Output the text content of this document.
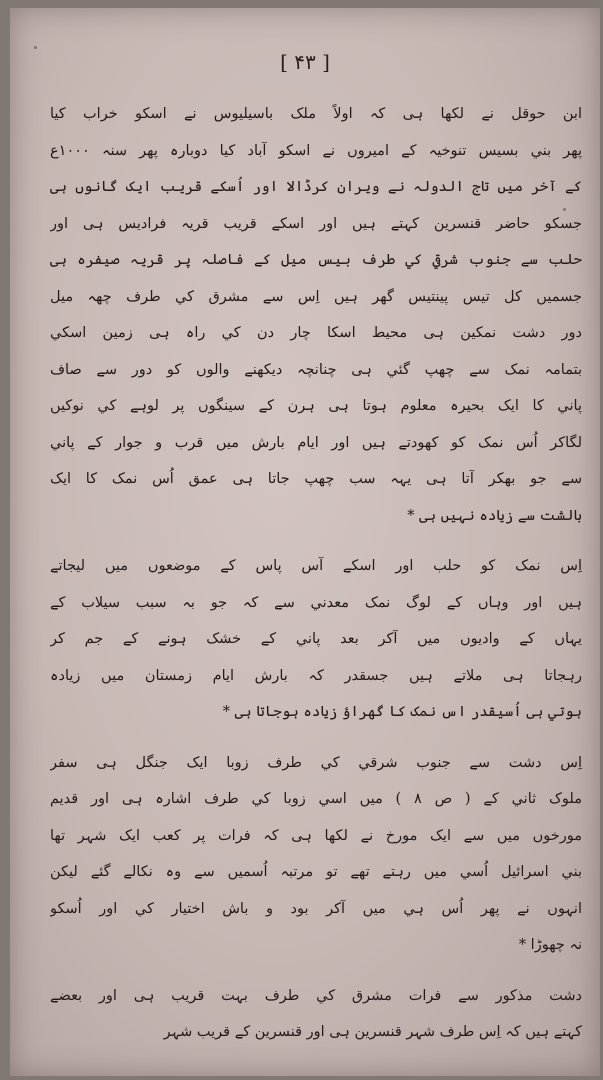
[ ۴۳ ]
ابن حوقل نے لکھا ہی کہ اولاً ملک باسیلیوس نے اسکو خراب کیا
پھر بني بسیس تنوخیہ کے امیروں نے اسکو آباد کیا دوبارہ پھر سنہ ۱۰۰۰ع
کے آخر میں تاج الدولہ نے ویران کرڈالا اور اُسکے قریب ایک گانوں ہی
جسکو حاضر قنسرین کہتے ہیں اور اسکے قریب قریہ فرادیس ہی اور
حلب سے جنوب شرقي کي طرف بیس میل کے فاصلہ پر قریہ صیفرہ ہی
جسمیں کل تیس پینتیس گھر ہیں اِس سے مشرق کي طرف چھہ میل
دور دشت نمکین ہی محیط اسکا چار دن کي راہ ہی زمین اسکي
بتمامہ نمک سے چھپ گئي ہی چنانچہ دیکھنے والوں کو دور سے صاف
پاني کا ایک بحیرہ معلوم ہوتا ہی ہرن کے سینگوں پر لوہے کي نوکیں
لگاکر اُس نمک کو کھودتے ہیں اور ایام بارش میں قرب و جوار کے پاني
سے جو بھکر آتا ہی یہہ سب چھپ جاتا ہی عمق اُس نمک کا ایک
بالشت سے زیادہ نہیں ہی *
اِس نمک کو حلب اور اسکے آس پاس کے موضعوں میں لیجاتے
ہیں اور وہاں کے لوگ نمک معدني سے کہ جو بہ سبب سیلاب کے
یہاں کے وادیوں میں آکر بعد پاني کے خشک ہونے کے جم کر
رہجاتا ہی ملاتے ہیں جسقدر کہ بارش ایام زمستان میں زیادہ
ہوتي ہی اُسیقدر اس نمک کا گھراؤ زیادہ ہوجاتا ہی *
اِس دشت سے جنوب شرقي کي طرف زوبا ایک جنگل ہی سفر
ملوک ثاني کے ( ص ۸ ) میں اسي زوبا کي طرف اشارہ ہی اور قدیم
مورخوں میں سے ایک مورخ نے لکھا ہی کہ فرات پر کعب ایک شہر تھا
بني اسرائیل اُسي میں رہتے تھے تو مرتبہ اُسمیں سے وہ نکالے گئے لیکن
انہوں نے پھر اُس ہي میں آکر بود و باش اختیار کي اور اُسکو
نہ چھوڑا *
دشت مذکور سے فرات مشرق کي طرف بہت قریب ہی اور بعضے
کہتے ہیں کہ اِس طرف شہر قنسرین ہی اور قنسرین کے قریب شہر
